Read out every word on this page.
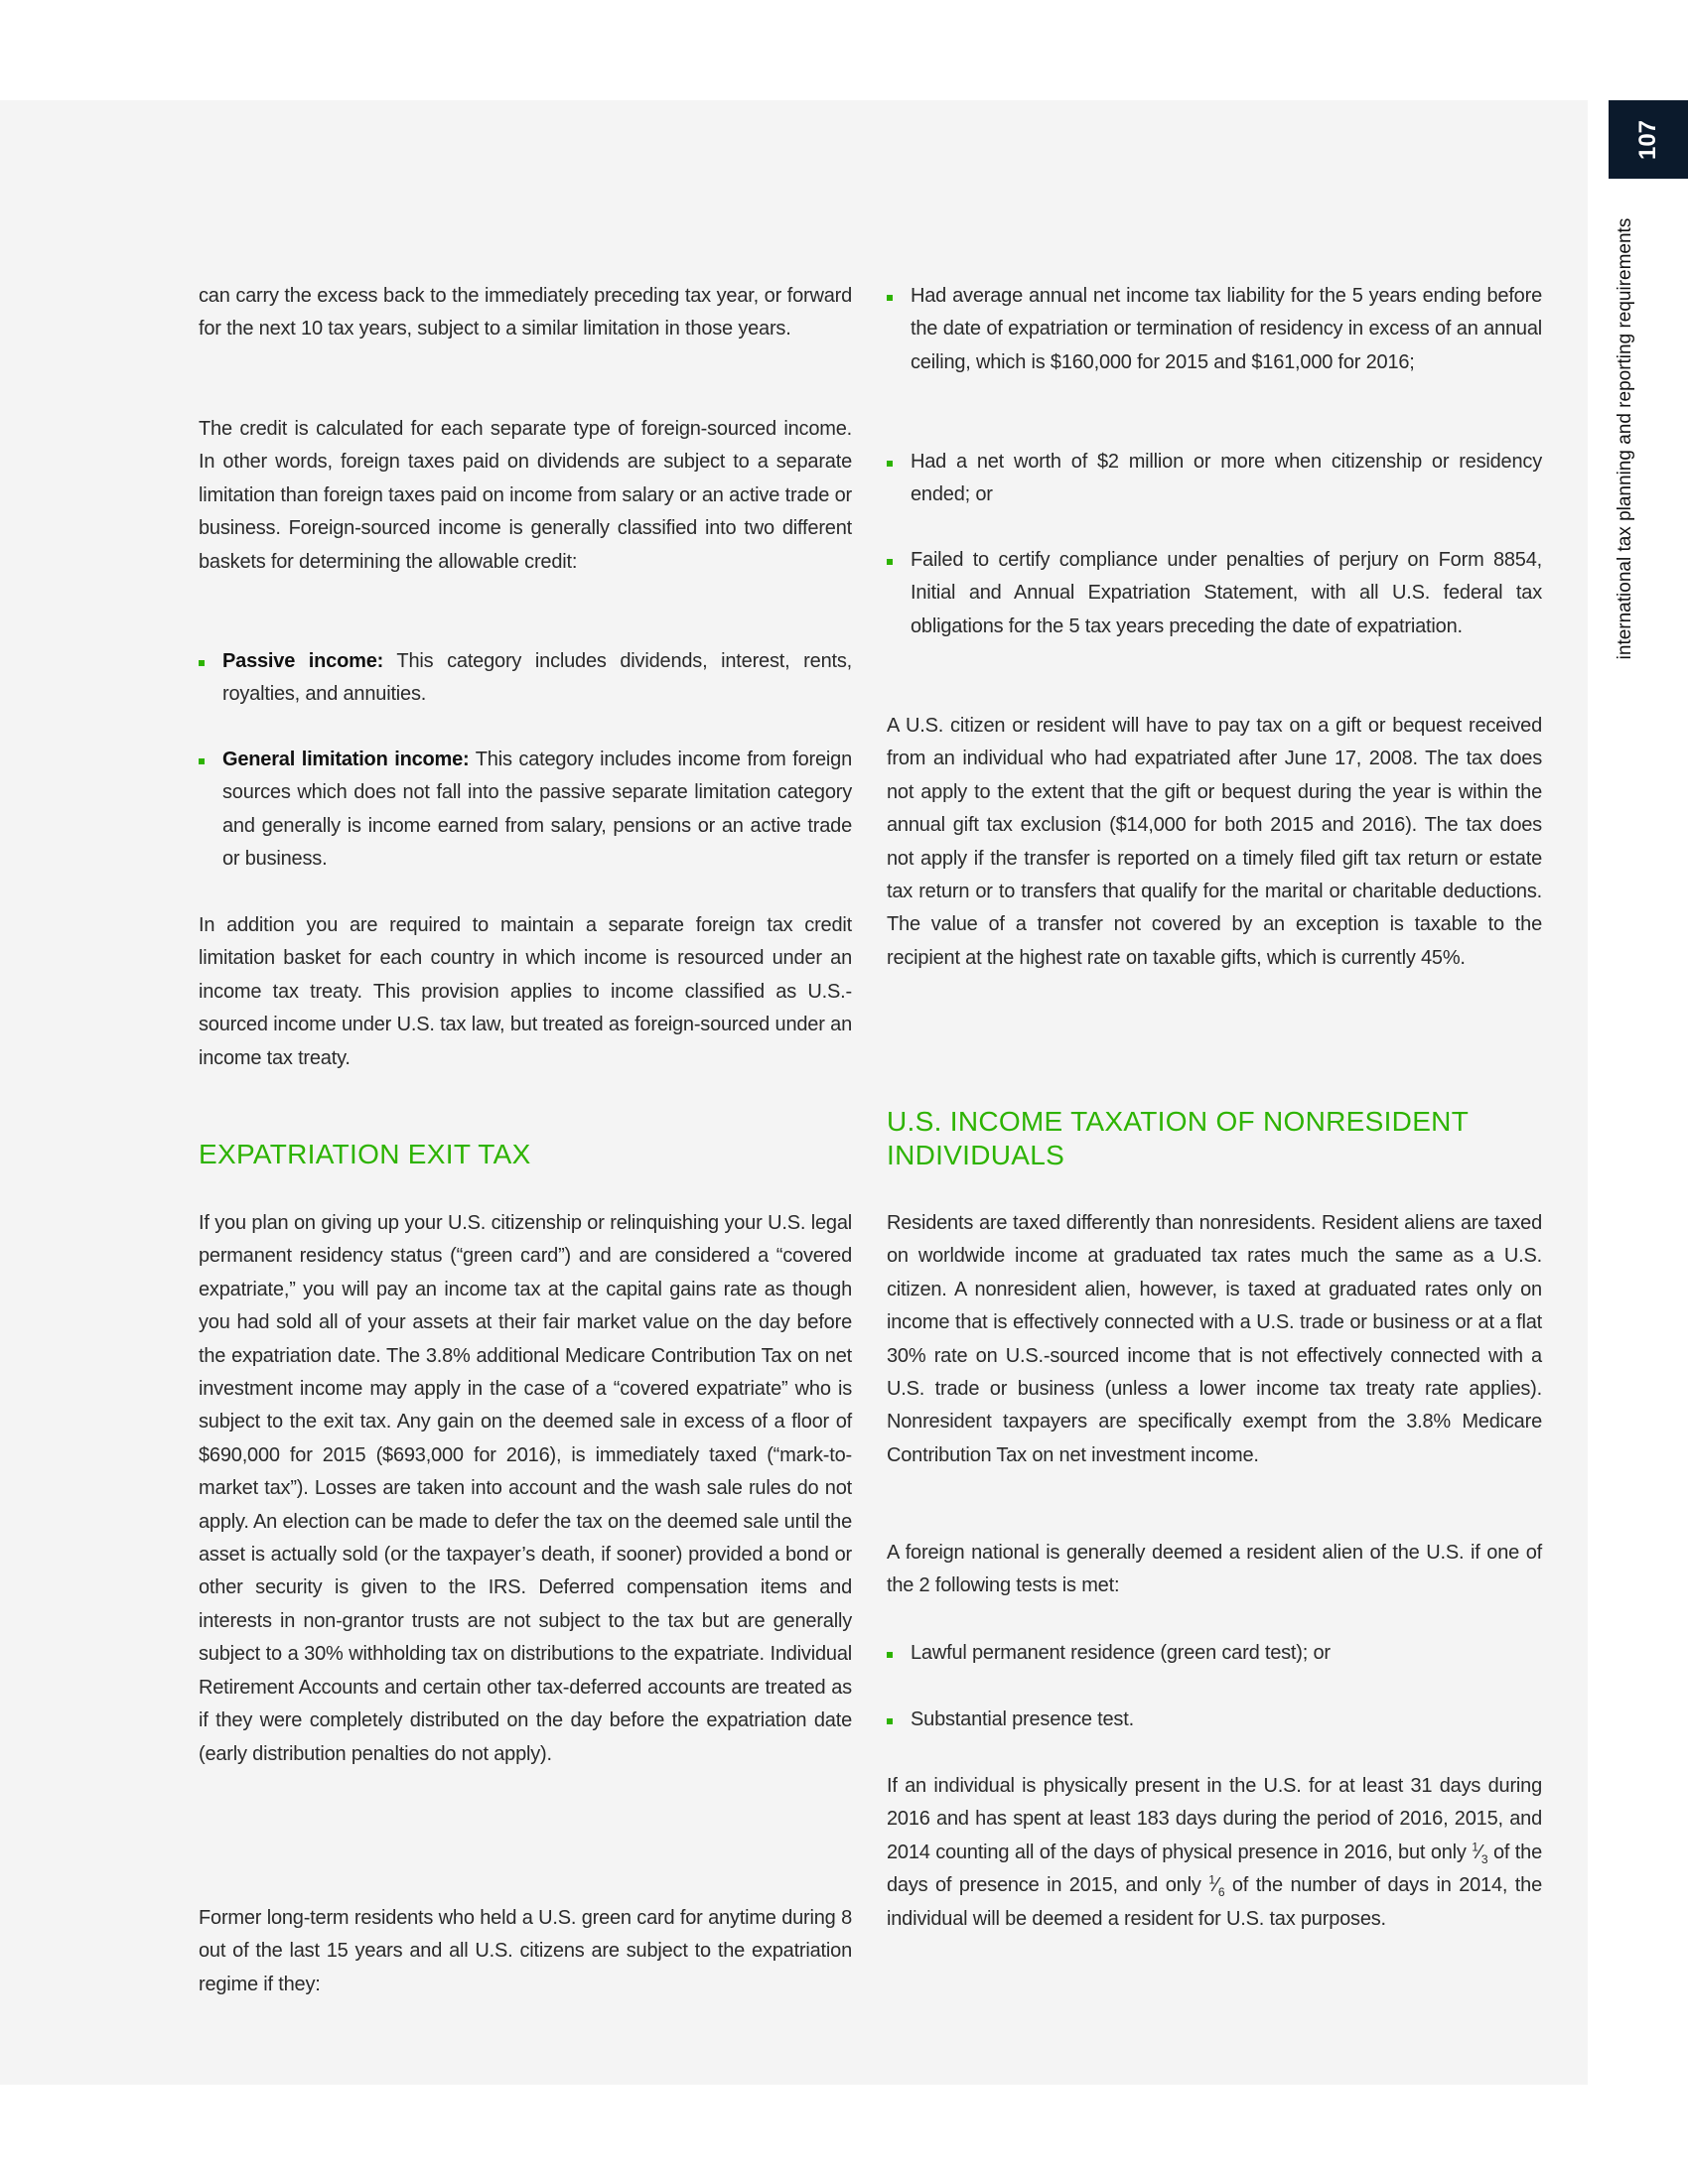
107
international tax planning and reporting requirements
can carry the excess back to the immediately preceding tax year, or forward for the next 10 tax years, subject to a similar limitation in those years.
The credit is calculated for each separate type of foreign-sourced income. In other words, foreign taxes paid on dividends are subject to a separate limitation than foreign taxes paid on income from salary or an active trade or business. Foreign-sourced income is generally classified into two different baskets for determining the allowable credit:
Passive income: This category includes dividends, interest, rents, royalties, and annuities.
General limitation income: This category includes income from foreign sources which does not fall into the passive separate limitation category and generally is income earned from salary, pensions or an active trade or business.
In addition you are required to maintain a separate foreign tax credit limitation basket for each country in which income is resourced under an income tax treaty. This provision applies to income classified as U.S.-sourced income under U.S. tax law, but treated as foreign-sourced under an income tax treaty.
EXPATRIATION EXIT TAX
If you plan on giving up your U.S. citizenship or relinquishing your U.S. legal permanent residency status (“green card”) and are considered a “covered expatriate,” you will pay an income tax at the capital gains rate as though you had sold all of your assets at their fair market value on the day before the expatriation date. The 3.8% additional Medicare Contribution Tax on net investment income may apply in the case of a “covered expatriate” who is subject to the exit tax. Any gain on the deemed sale in excess of a floor of $690,000 for 2015 ($693,000 for 2016), is immediately taxed (“mark-to-market tax”). Losses are taken into account and the wash sale rules do not apply. An election can be made to defer the tax on the deemed sale until the asset is actually sold (or the taxpayer’s death, if sooner) provided a bond or other security is given to the IRS. Deferred compensation items and interests in non-grantor trusts are not subject to the tax but are generally subject to a 30% withholding tax on distributions to the expatriate. Individual Retirement Accounts and certain other tax-deferred accounts are treated as if they were completely distributed on the day before the expatriation date (early distribution penalties do not apply).
Former long-term residents who held a U.S. green card for anytime during 8 out of the last 15 years and all U.S. citizens are subject to the expatriation regime if they:
Had average annual net income tax liability for the 5 years ending before the date of expatriation or termination of residency in excess of an annual ceiling, which is $160,000 for 2015 and $161,000 for 2016;
Had a net worth of $2 million or more when citizenship or residency ended; or
Failed to certify compliance under penalties of perjury on Form 8854, Initial and Annual Expatriation Statement, with all U.S. federal tax obligations for the 5 tax years preceding the date of expatriation.
A U.S. citizen or resident will have to pay tax on a gift or bequest received from an individual who had expatriated after June 17, 2008. The tax does not apply to the extent that the gift or bequest during the year is within the annual gift tax exclusion ($14,000 for both 2015 and 2016). The tax does not apply if the transfer is reported on a timely filed gift tax return or estate tax return or to transfers that qualify for the marital or charitable deductions. The value of a transfer not covered by an exception is taxable to the recipient at the highest rate on taxable gifts, which is currently 45%.
U.S. INCOME TAXATION OF NONRESIDENT INDIVIDUALS
Residents are taxed differently than nonresidents. Resident aliens are taxed on worldwide income at graduated tax rates much the same as a U.S. citizen. A nonresident alien, however, is taxed at graduated rates only on income that is effectively connected with a U.S. trade or business or at a flat 30% rate on U.S.-sourced income that is not effectively connected with a U.S. trade or business (unless a lower income tax treaty rate applies). Nonresident taxpayers are specifically exempt from the 3.8% Medicare Contribution Tax on net investment income.
A foreign national is generally deemed a resident alien of the U.S. if one of the 2 following tests is met:
Lawful permanent residence (green card test); or
Substantial presence test.
If an individual is physically present in the U.S. for at least 31 days during 2016 and has spent at least 183 days during the period of 2016, 2015, and 2014 counting all of the days of physical presence in 2016, but only $^1⁄_3$ of the days of presence in 2015, and only $^1⁄_6$ of the number of days in 2014, the individual will be deemed a resident for U.S. tax purposes.
